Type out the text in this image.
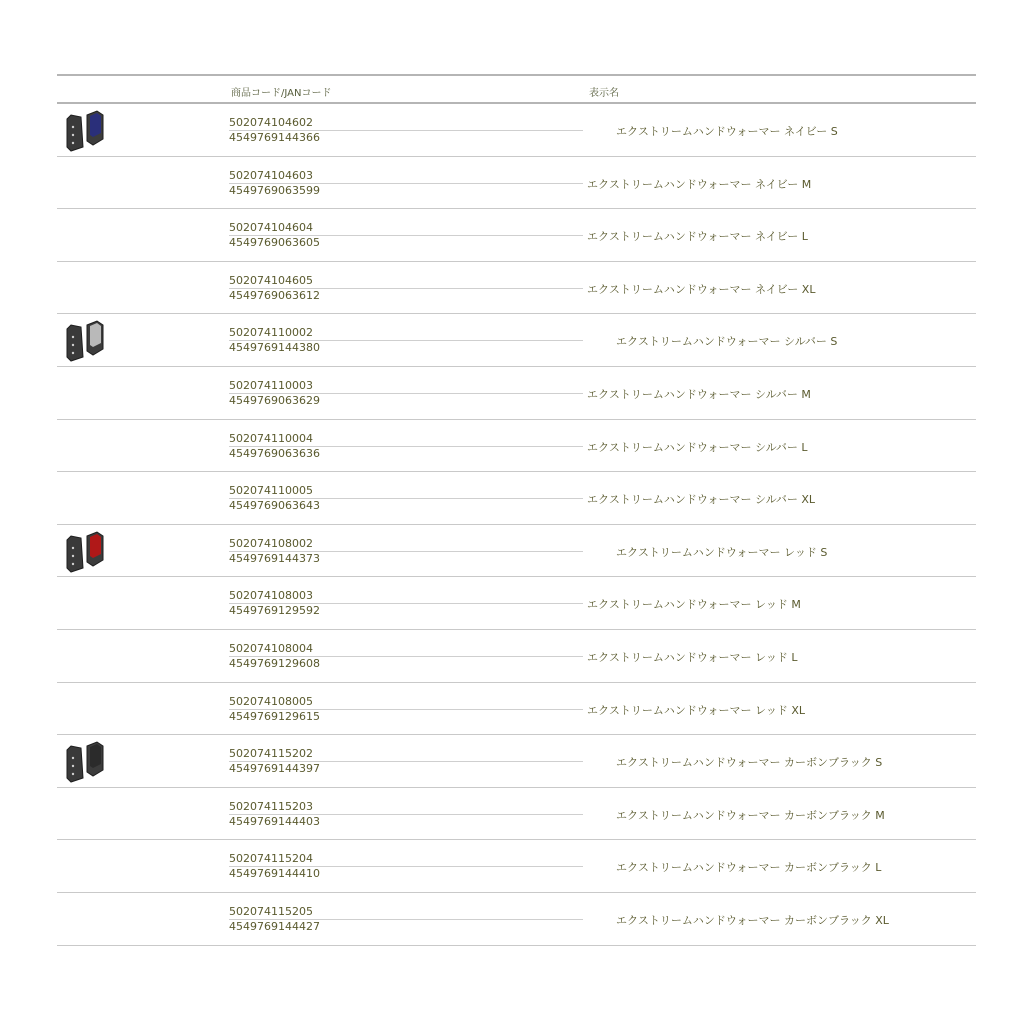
商品コード/JANコード	表示名
502074104602
4549769144366	エクストリームハンドウォーマー ネイビー S
502074104603
4549769063599	エクストリームハンドウォーマー ネイビー M
502074104604
4549769063605	エクストリームハンドウォーマー ネイビー L
502074104605
4549769063612	エクストリームハンドウォーマー ネイビー XL
502074110002
4549769144380	エクストリームハンドウォーマー シルバー S
502074110003
4549769063629	エクストリームハンドウォーマー シルバー M
502074110004
4549769063636	エクストリームハンドウォーマー シルバー L
502074110005
4549769063643	エクストリームハンドウォーマー シルバー XL
502074108002
4549769144373	エクストリームハンドウォーマー レッド S
502074108003
4549769129592	エクストリームハンドウォーマー レッド M
502074108004
4549769129608	エクストリームハンドウォーマー レッド L
502074108005
4549769129615	エクストリームハンドウォーマー レッド XL
502074115202
4549769144397	エクストリームハンドウォーマー カーボンブラック S
502074115203
4549769144403	エクストリームハンドウォーマー カーボンブラック M
502074115204
4549769144410	エクストリームハンドウォーマー カーボンブラック L
502074115205
4549769144427	エクストリームハンドウォーマー カーボンブラック XL
